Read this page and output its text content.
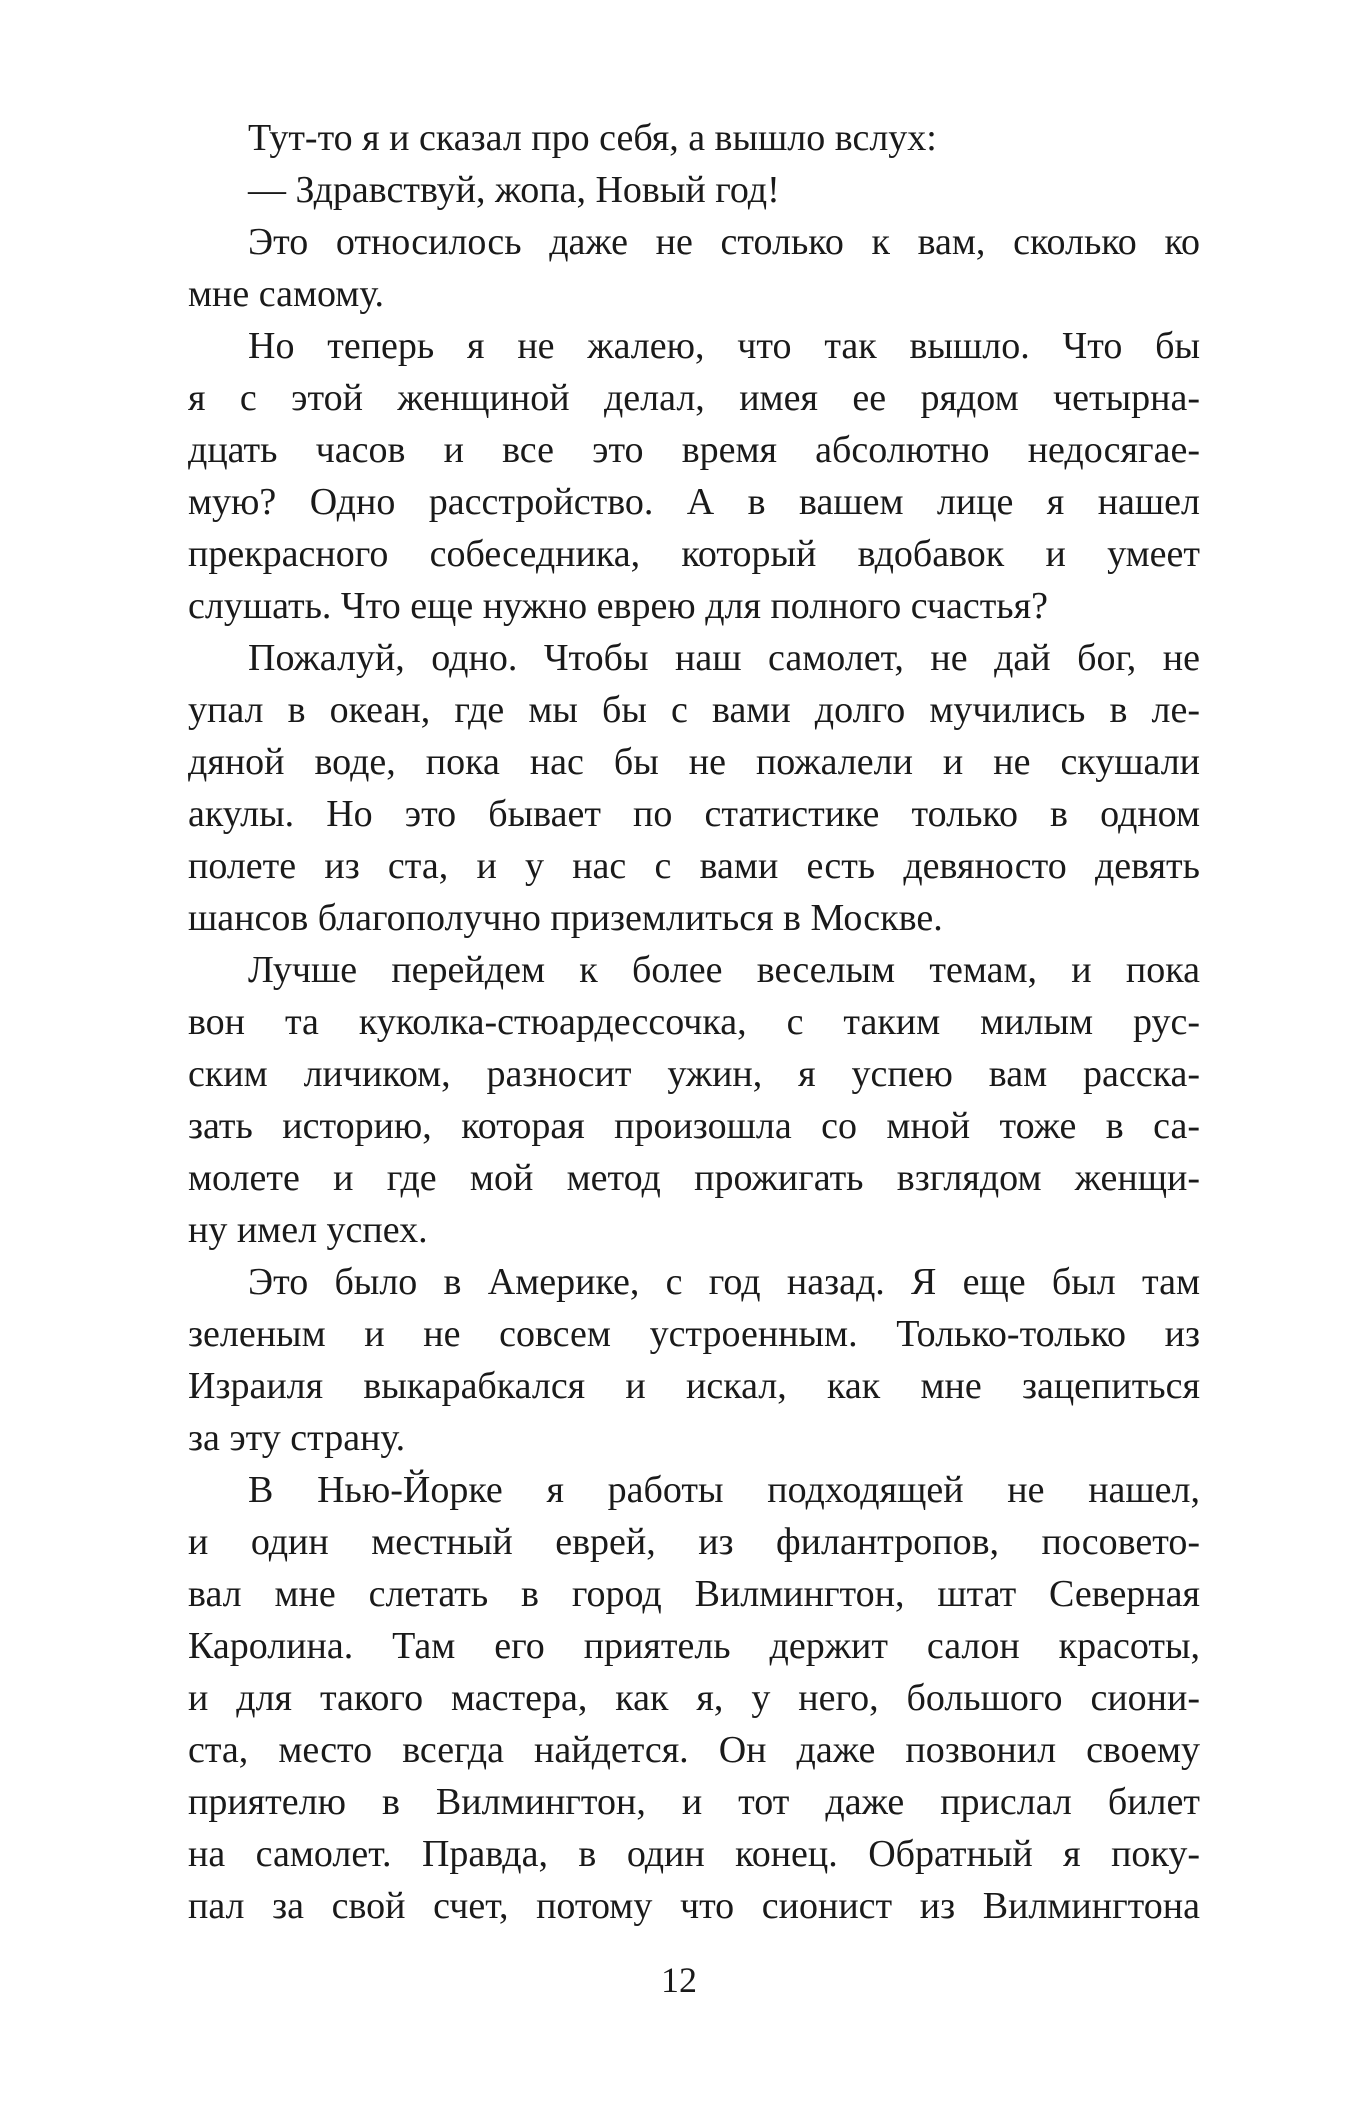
Тут-то я и сказал про себя, а вышло вслух:
— Здравствуй, жопа, Новый год!
Это относилось даже не столько к вам, сколько ко
мне самому.
Но теперь я не жалею, что так вышло. Что бы
я с этой женщиной делал, имея ее рядом четырна-
дцать часов и все это время абсолютно недосягае-
мую? Одно расстройство. А в вашем лице я нашел
прекрасного собеседника, который вдобавок и умеет
слушать. Что еще нужно еврею для полного счастья?
Пожалуй, одно. Чтобы наш самолет, не дай бог, не
упал в океан, где мы бы с вами долго мучились в ле-
дяной воде, пока нас бы не пожалели и не скушали
акулы. Но это бывает по статистике только в одном
полете из ста, и у нас с вами есть девяносто девять
шансов благополучно приземлиться в Москве.
Лучше перейдем к более веселым темам, и пока
вон та куколка-стюардессочка, с таким милым рус-
ским личиком, разносит ужин, я успею вам расска-
зать историю, которая произошла со мной тоже в са-
молете и где мой метод прожигать взглядом женщи-
ну имел успех.
Это было в Америке, с год назад. Я еще был там
зеленым и не совсем устроенным. Только-только из
Израиля выкарабкался и искал, как мне зацепиться
за эту страну.
В Нью-Йорке я работы подходящей не нашел,
и один местный еврей, из филантропов, посовето-
вал мне слетать в город Вилмингтон, штат Северная
Каролина. Там его приятель держит салон красоты,
и для такого мастера, как я, у него, большого сиони-
ста, место всегда найдется. Он даже позвонил своему
приятелю в Вилмингтон, и тот даже прислал билет
на самолет. Правда, в один конец. Обратный я поку-
пал за свой счет, потому что сионист из Вилмингтона
12
